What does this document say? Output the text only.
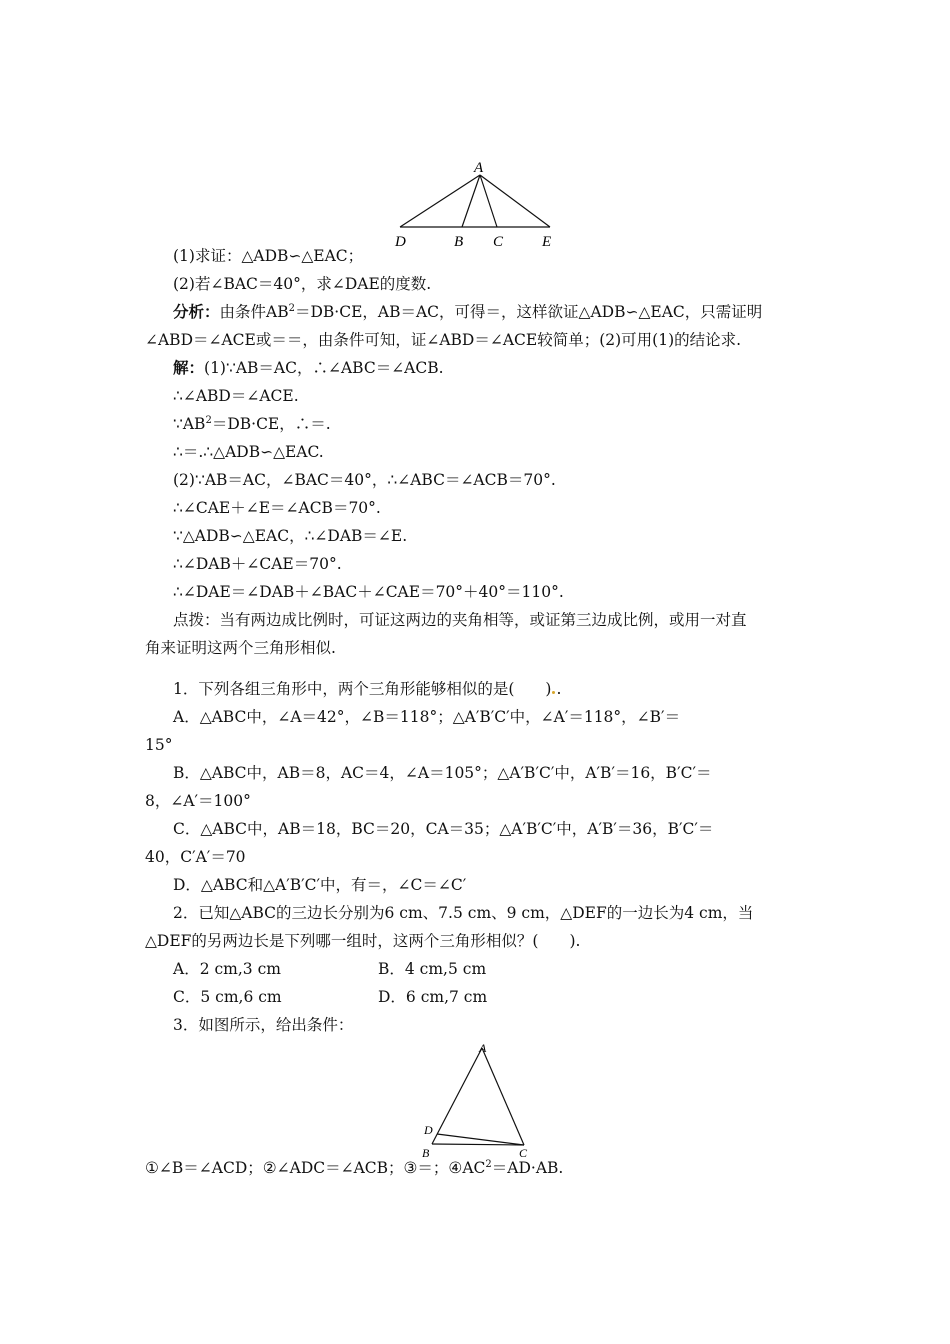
A
D	B C	E
(1)求证：△ADB∽△EAC；
(2)若∠BAC＝40°，求∠DAE的度数.
分析：由条件$AB^2=DB\cdot CE$，AB＝AC，可得＝，这样欲证△ADB∽△EAC，只需证明
∠ABD＝∠ACE或＝＝，由条件可知，证∠ABD＝∠ACE较简单；(2)可用(1)的结论求.
解：(1)∵AB＝AC，∴∠ABC＝∠ACB.
∴∠ABD＝∠ACE.
$\because AB^2=DB\cdot CE$，∴＝.
∴＝.∴△ADB∽△EAC.
(2)∵AB＝AC，∠BAC＝40°，∴∠ABC＝∠ACB＝70°.
∴∠CAE＋∠E＝∠ACB＝70°.
∵△ADB∽△EAC，∴∠DAB＝∠E.
∴∠DAB＋∠CAE＝70°.
∴∠DAE＝∠DAB＋∠BAC＋∠CAE＝70°＋40°＝110°.
点拨：当有两边成比例时，可证这两边的夹角相等，或证第三边成比例，或用一对直
角来证明这两个三角形相似.
1．下列各组三角形中，两个三角形能够相似的是(　　) .
A．△ABC中，∠A＝42°，∠B＝118°；△A′B′C′中，∠A′＝118°，∠B′＝
15°
B．△ABC中，AB＝8，AC＝4，∠A＝105°；△A′B′C′中，A′B′＝16，B′C′＝
8，∠A′＝100°
C．△ABC中，AB＝18，BC＝20，CA＝35；△A′B′C′中，A′B′＝36，B′C′＝
40，C′A′＝70
D．△ABC和△A′B′C′中，有＝，∠C＝∠C′
2．已知△ABC的三边长分别为6 cm、7.5 cm、9 cm，△DEF的一边长为4 cm，当
△DEF的另两边长是下列哪一组时，这两个三角形相似？(　　).
A．2 cm,3 cm	B．4 cm,5 cm
C．5 cm,6 cm	D．6 cm,7 cm
3．如图所示，给出条件：
A
D
B	C
①∠B＝∠ACD；②∠ADC＝∠ACB；③＝；$④AC^2=AD\cdot AB$.
